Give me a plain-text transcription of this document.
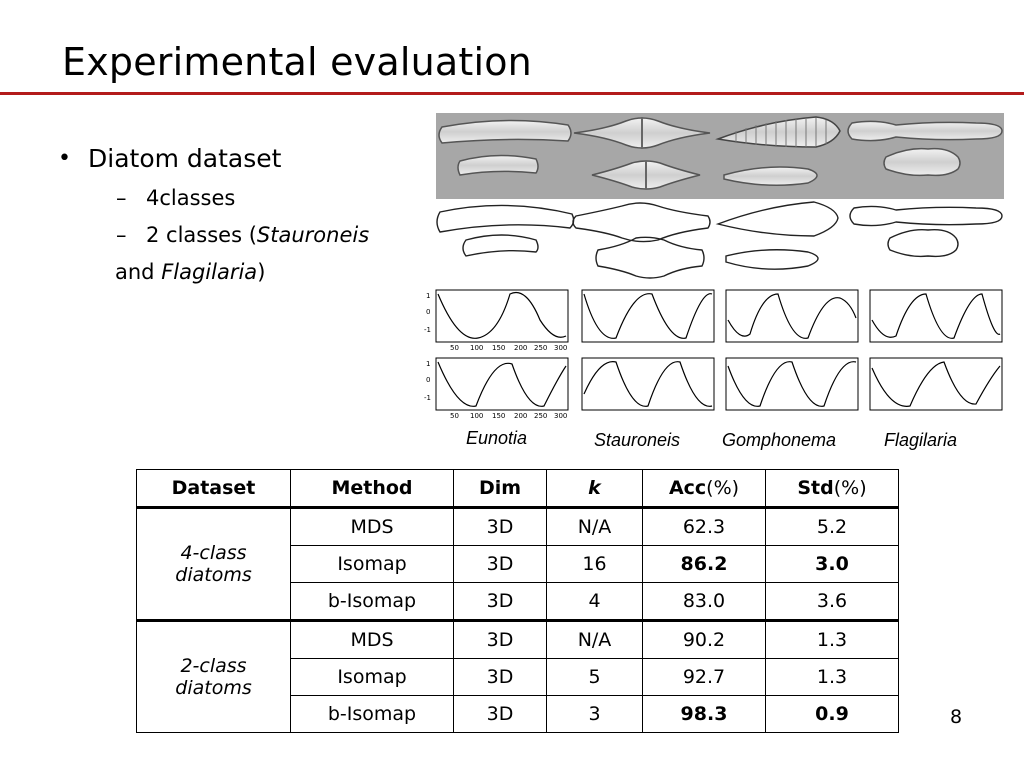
Experimental evaluation
• Diatom dataset
– 4classes
– 2 classes (Stauroneis
and Flagilaria)
1
0
-1
1
0
-1
50 100 150 200 250 300
50 100 150 200 250 300
Eunotia	Stauroneis Gomphonema	Flagilaria
Dataset	Method	Dim	k	Acc(%)	Std(%)
4-class
diatoms	MDS	3D	N/A	62.3	5.2
	Isomap	3D	16	86.2	3.0
	b-Isomap	3D	4	83.0	3.6
2-class
diatoms	MDS	3D	N/A	90.2	1.3
	Isomap	3D	5	92.7	1.3
	b-Isomap	3D	3	98.3	0.9	8
